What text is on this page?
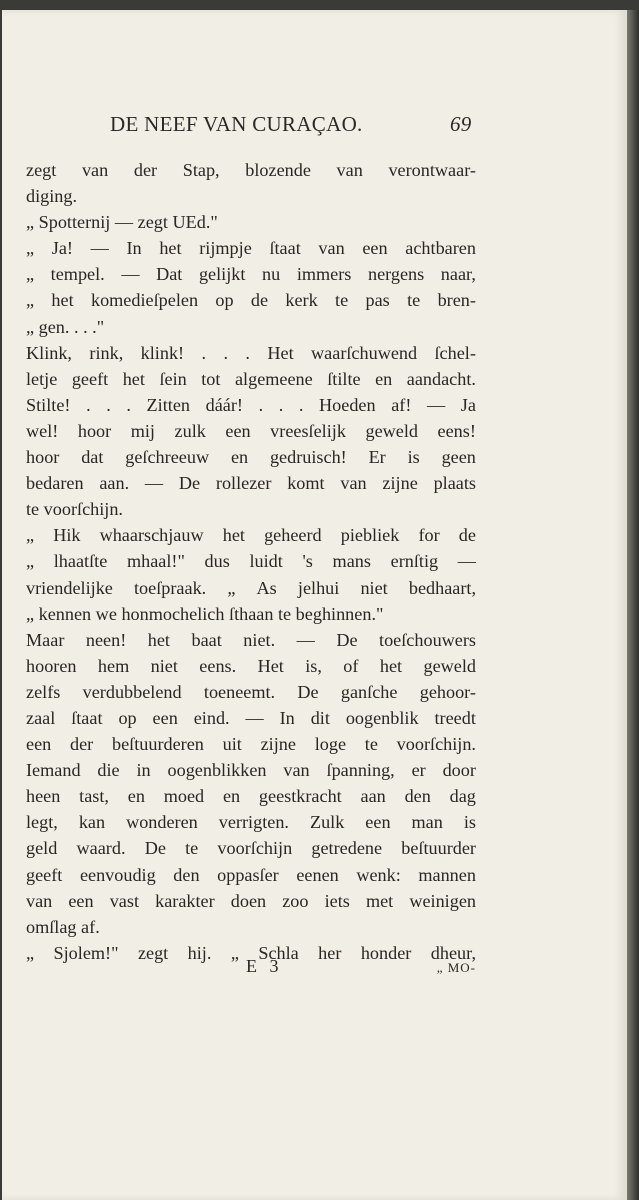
DE NEEF VAN CURAÇAO.	69
zegt van der Stap, blozende van verontwaar-
diging.
„ Spotternij — zegt UEd."
„ Ja! — In het rijmpje ſtaat van een achtbaren
„ tempel. — Dat gelijkt nu immers nergens naar,
„ het komedieſpelen op de kerk te pas te bren-
„ gen. . . ."
Klink, rink, klink! . . . Het waarſchuwend ſchel-
letje geeft het ſein tot algemeene ſtilte en aandacht.
Stilte! . . . Zitten dáár! . . . Hoeden af! — Ja
wel! hoor mij zulk een vreesſelijk geweld eens!
hoor dat geſchreeuw en gedruisch! Er is geen
bedaren aan. — De rollezer komt van zijne plaats
te voorſchijn.
„ Hik whaarschjauw het geheerd piebliek for de
„ lhaatſte mhaal!" dus luidt 's mans ernſtig —
vriendelijke toeſpraak. „ As jelhui niet bedhaart,
„ kennen we honmochelich ſthaan te beghinnen."
Maar neen! het baat niet. — De toeſchouwers
hooren hem niet eens. Het is, of het geweld
zelfs verdubbelend toeneemt. De ganſche gehoor-
zaal ſtaat op een eind. — In dit oogenblik treedt
een der beſtuurderen uit zijne loge te voorſchijn.
Iemand die in oogenblikken van ſpanning, er door
heen tast, en moed en geestkracht aan den dag
legt, kan wonderen verrigten. Zulk een man is
geld waard. De te voorſchijn getredene beſtuurder
geeft eenvoudig den oppasſer eenen wenk: mannen
van een vast karakter doen zoo iets met weinigen
omſlag af.
„ Sjolem!" zegt hij. „ Schla her honder dheur,
E 3	„ MO-
